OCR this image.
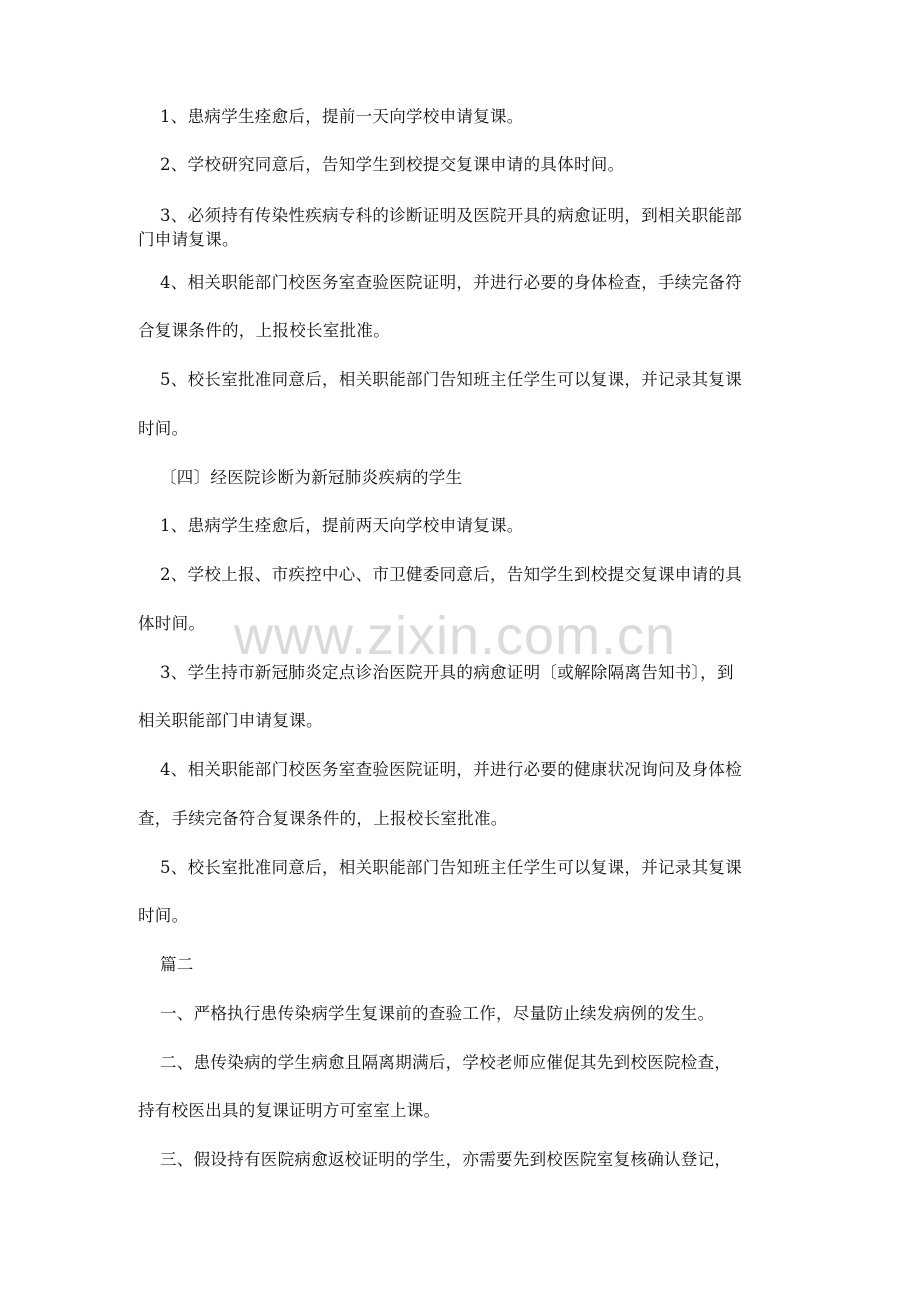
www.zixin.com.cn
1、患病学生痊愈后，提前一天向学校申请复课。
2、学校研究同意后，告知学生到校提交复课申请的具体时间。
3、必须持有传染性疾病专科的诊断证明及医院开具的病愈证明，到相关职能部
门申请复课。
4、相关职能部门校医务室查验医院证明，并进行必要的身体检查，手续完备符
合复课条件的，上报校长室批准。
5、校长室批准同意后，相关职能部门告知班主任学生可以复课，并记录其复课
时间。
〔四〕经医院诊断为新冠肺炎疾病的学生
1、患病学生痊愈后，提前两天向学校申请复课。
2、学校上报、市疾控中心、市卫健委同意后，告知学生到校提交复课申请的具
体时间。
3、学生持市新冠肺炎定点诊治医院开具的病愈证明〔或解除隔离告知书〕，到
相关职能部门申请复课。
4、相关职能部门校医务室查验医院证明，并进行必要的健康状况询问及身体检
查，手续完备符合复课条件的，上报校长室批准。
5、校长室批准同意后，相关职能部门告知班主任学生可以复课，并记录其复课
时间。
篇二
一、严格执行患传染病学生复课前的查验工作，尽量防止续发病例的发生。
二、患传染病的学生病愈且隔离期满后，学校老师应催促其先到校医院检查，
持有校医出具的复课证明方可室室上课。
三、假设持有医院病愈返校证明的学生，亦需要先到校医院室复核确认登记，
